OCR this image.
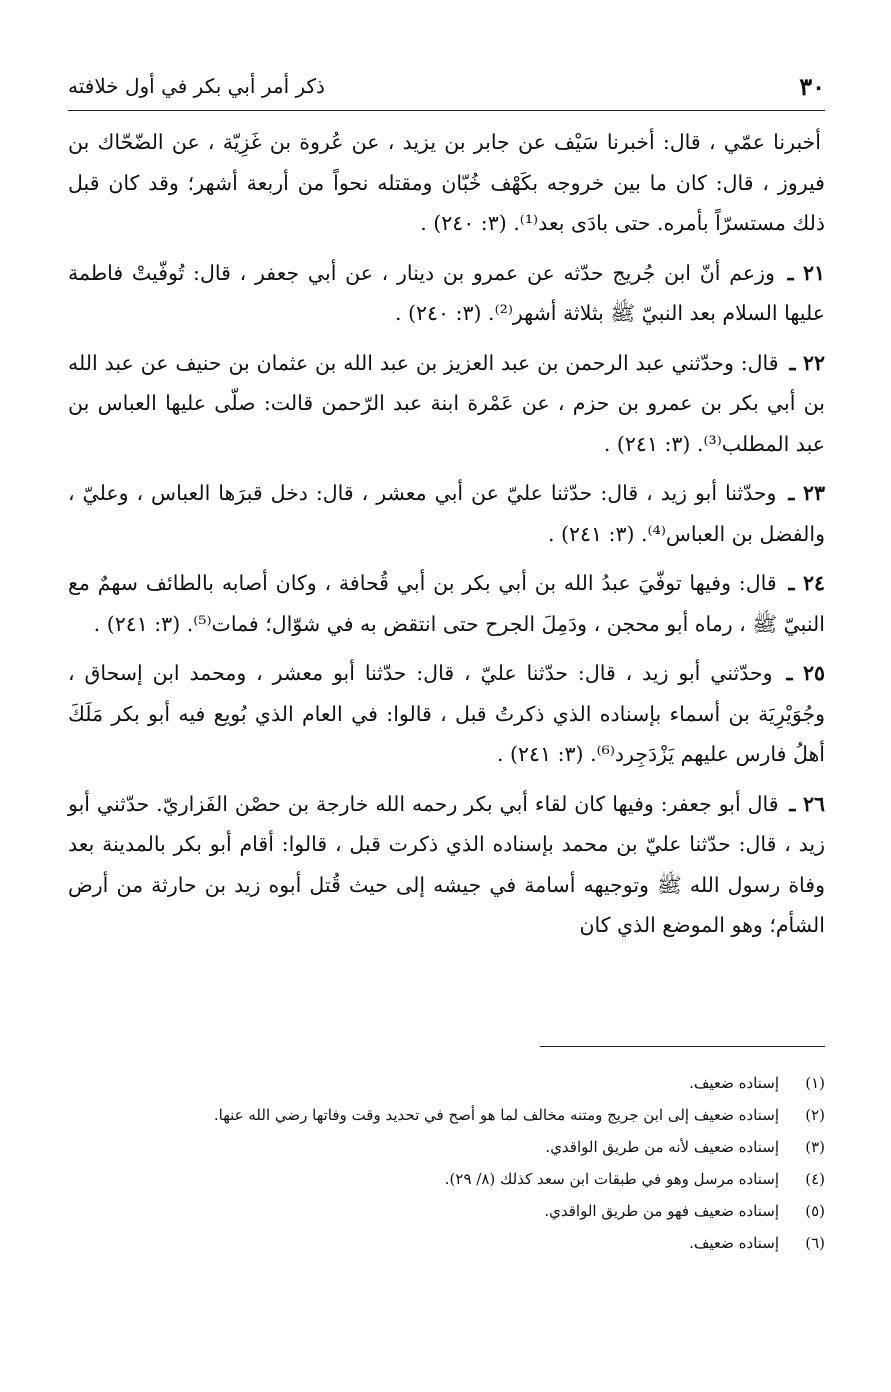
٣٠
ذكر أمر أبي بكر في أول خلافته

أخبرنا عمّي ، قال: أخبرنا سَيْف عن جابر بن يزيد ، عن عُروة بن غَزِيّة ، عن الضّحّاك بن فيروز ، قال: كان ما بين خروجه بكَهْف خُبّان ومقتله نحواً من أربعة أشهر؛ وقد كان قبل ذلك مستسرّاً بأمره. حتى بادَى بعد⁽¹⁾. (٣: ٢٤٠) .

٢١ ـ وزعم أنّ ابن جُريج حدّثه عن عمرو بن دينار ، عن أبي جعفر ، قال: تُوفّيتْ فاطمة عليها السلام بعد النبيّ ﷺ بثلاثة أشهر⁽²⁾. (٣: ٢٤٠) .

٢٢ ـ قال: وحدّثني عبد الرحمن بن عبد العزيز بن عبد الله بن عثمان بن حنيف عن عبد الله بن أبي بكر بن عمرو بن حزم ، عن عَمْرة ابنة عبد الرّحمن قالت: صلّى عليها العباس بن عبد المطلب⁽³⁾. (٣: ٢٤١) .

٢٣ ـ وحدّثنا أبو زيد ، قال: حدّثنا عليّ عن أبي معشر ، قال: دخل قبرَها العباس ، وعليّ ، والفضل بن العباس⁽⁴⁾. (٣: ٢٤١) .

٢٤ ـ قال: وفيها توفّيَ عبدُ الله بن أبي بكر بن أبي قُحافة ، وكان أصابه بالطائف سهمٌ مع النبيّ ﷺ ، رماه أبو محجن ، ودَمِلَ الجرح حتى انتقض به في شوّال؛ فمات⁽⁵⁾. (٣: ٢٤١) .

٢٥ ـ وحدّثني أبو زيد ، قال: حدّثنا عليّ ، قال: حدّثنا أبو معشر ، ومحمد ابن إسحاق ، وجُوَيْرِيَة بن أسماء بإسناده الذي ذكرتُ قبل ، قالوا: في العام الذي بُويع فيه أبو بكر مَلَكَ أهلُ فارس عليهم يَزْدَجِرد⁽⁶⁾. (٣: ٢٤١) .

٢٦ ـ قال أبو جعفر: وفيها كان لقاء أبي بكر رحمه الله خارجة بن حصْن الفَزاريّ. حدّثني أبو زيد ، قال: حدّثنا عليّ بن محمد بإسناده الذي ذكرت قبل ، قالوا: أقام أبو بكر بالمدينة بعد وفاة رسول الله ﷺ وتوجيهه أسامة في جيشه إلى حيث قُتل أبوه زيد بن حارثة من أرض الشأم؛ وهو الموضع الذي كان

(١)
إسناده ضعيف.
(٢)
إسناده ضعيف إلى ابن جريج ومتنه مخالف لما هو أصح في تحديد وقت وفاتها رضي الله عنها.
(٣)
إسناده ضعيف لأنه من طريق الواقدي.
(٤)
إسناده مرسل وهو في طبقات ابن سعد كذلك (٨/ ٢٩).
(٥)
إسناده ضعيف فهو من طريق الواقدي.
(٦)
إسناده ضعيف.
